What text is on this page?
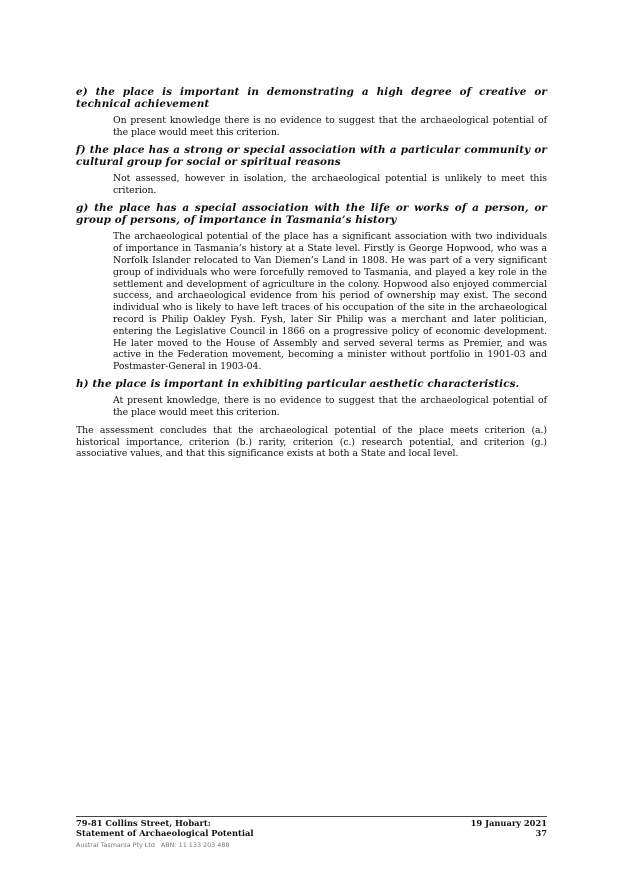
e) the place is important in demonstrating a high degree of creative or technical achievement

On present knowledge there is no evidence to suggest that the archaeological potential of the place would meet this criterion.

f) the place has a strong or special association with a particular community or cultural group for social or spiritual reasons

Not assessed, however in isolation, the archaeological potential is unlikely to meet this criterion.

g) the place has a special association with the life or works of a person, or group of persons, of importance in Tasmania’s history

The archaeological potential of the place has a significant association with two individuals of importance in Tasmania’s history at a State level. Firstly is George Hopwood, who was a Norfolk Islander relocated to Van Diemen’s Land in 1808. He was part of a very significant group of individuals who were forcefully removed to Tasmania, and played a key role in the settlement and development of agriculture in the colony. Hopwood also enjoyed commercial success, and archaeological evidence from his period of ownership may exist. The second individual who is likely to have left traces of his occupation of the site in the archaeological record is Philip Oakley Fysh. Fysh, later Sir Philip was a merchant and later politician, entering the Legislative Council in 1866 on a progressive policy of economic development. He later moved to the House of Assembly and served several terms as Premier, and was active in the Federation movement, becoming a minister without portfolio in 1901-03 and Postmaster-General in 1903-04.

h) the place is important in exhibiting particular aesthetic characteristics.

At present knowledge, there is no evidence to suggest that the archaeological potential of the place would meet this criterion.

The assessment concludes that the archaeological potential of the place meets criterion (a.) historical importance, criterion (b.) rarity, criterion (c.) research potential, and criterion (g.) associative values, and that this significance exists at both a State and local level.

79-81 Collins Street, Hobart:	19 January 2021
Statement of Archaeological Potential	37
Austral Tasmania Pty Ltd ABN: 11 133 203 488
